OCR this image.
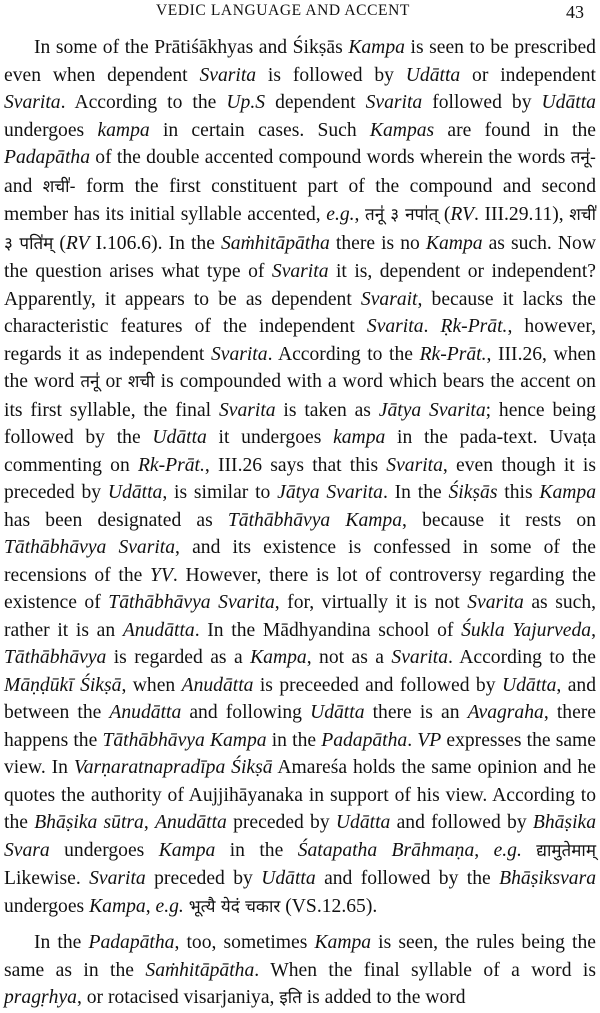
VEDIC LANGUAGE AND ACCENT	43

In some of the Prātiśākhyas and Śikṣās Kampa is seen to be prescribed even when dependent Svarita is followed by Udātta or independent Svarita. According to the Up.S dependent Svarita followed by Udātta undergoes kampa in certain cases. Such Kampas are found in the Padapātha of the double accented compound words wherein the words तनू॑- and शची॑- form the first constituent part of the compound and second member has its initial syllable accented, e.g., तनू॑ ३ नपा॑त् (RV. III.29.11), शची॑ ३ पति॑म् (RV I.106.6). In the Saṁhitāpātha there is no Kampa as such. Now the question arises what type of Svarita it is, dependent or independent? Apparently, it appears to be as dependent Svarait, because it lacks the characteristic features of the independent Svarita. Ṛk-Prāt., however, regards it as independent Svarita. According to the Rk-Prāt., III.26, when the word तनू॑ or शची is compounded with a word which bears the accent on its first syllable, the final Svarita is taken as Jātya Svarita; hence being followed by the Udātta it undergoes kampa in the pada-text. Uvaṭa commenting on Rk-Prāt., III.26 says that this Svarita, even though it is preceded by Udātta, is similar to Jātya Svarita. In the Śikṣās this Kampa has been designated as Tāthābhāvya Kampa, because it rests on Tāthābhāvya Svarita, and its existence is confessed in some of the recensions of the YV. However, there is lot of controversy regarding the existence of Tāthābhāvya Svarita, for, virtually it is not Svarita as such, rather it is an Anudātta. In the Mādhyandina school of Śukla Yajurveda, Tāthābhāvya is regarded as a Kampa, not as a Svarita. According to the Māṇḍūkī Śikṣā, when Anudātta is preceeded and followed by Udātta, and between the Anudātta and following Udātta there is an Avagraha, there happens the Tāthābhāvya Kampa in the Padapātha. VP expresses the same view. In Varṇaratnapradīpa Śikṣā Amareśa holds the same opinion and he quotes the authority of Aujjihāyanaka in support of his view. According to the Bhāṣika sūtra, Anudātta preceded by Udātta and followed by Bhāṣika Svara undergoes Kampa in the Śatapatha Brāhmaṇa, e.g. द्यामुतेमाम् Likewise. Svarita preceded by Udātta and followed by the Bhāṣiksvara undergoes Kampa, e.g. भूत्यै येदं चकार (VS.12.65).

In the Padapātha, too, sometimes Kampa is seen, the rules being the same as in the Saṁhitāpātha. When the final syllable of a word is pragṛhya, or rotacised visarjaniya, इति is added to the word
